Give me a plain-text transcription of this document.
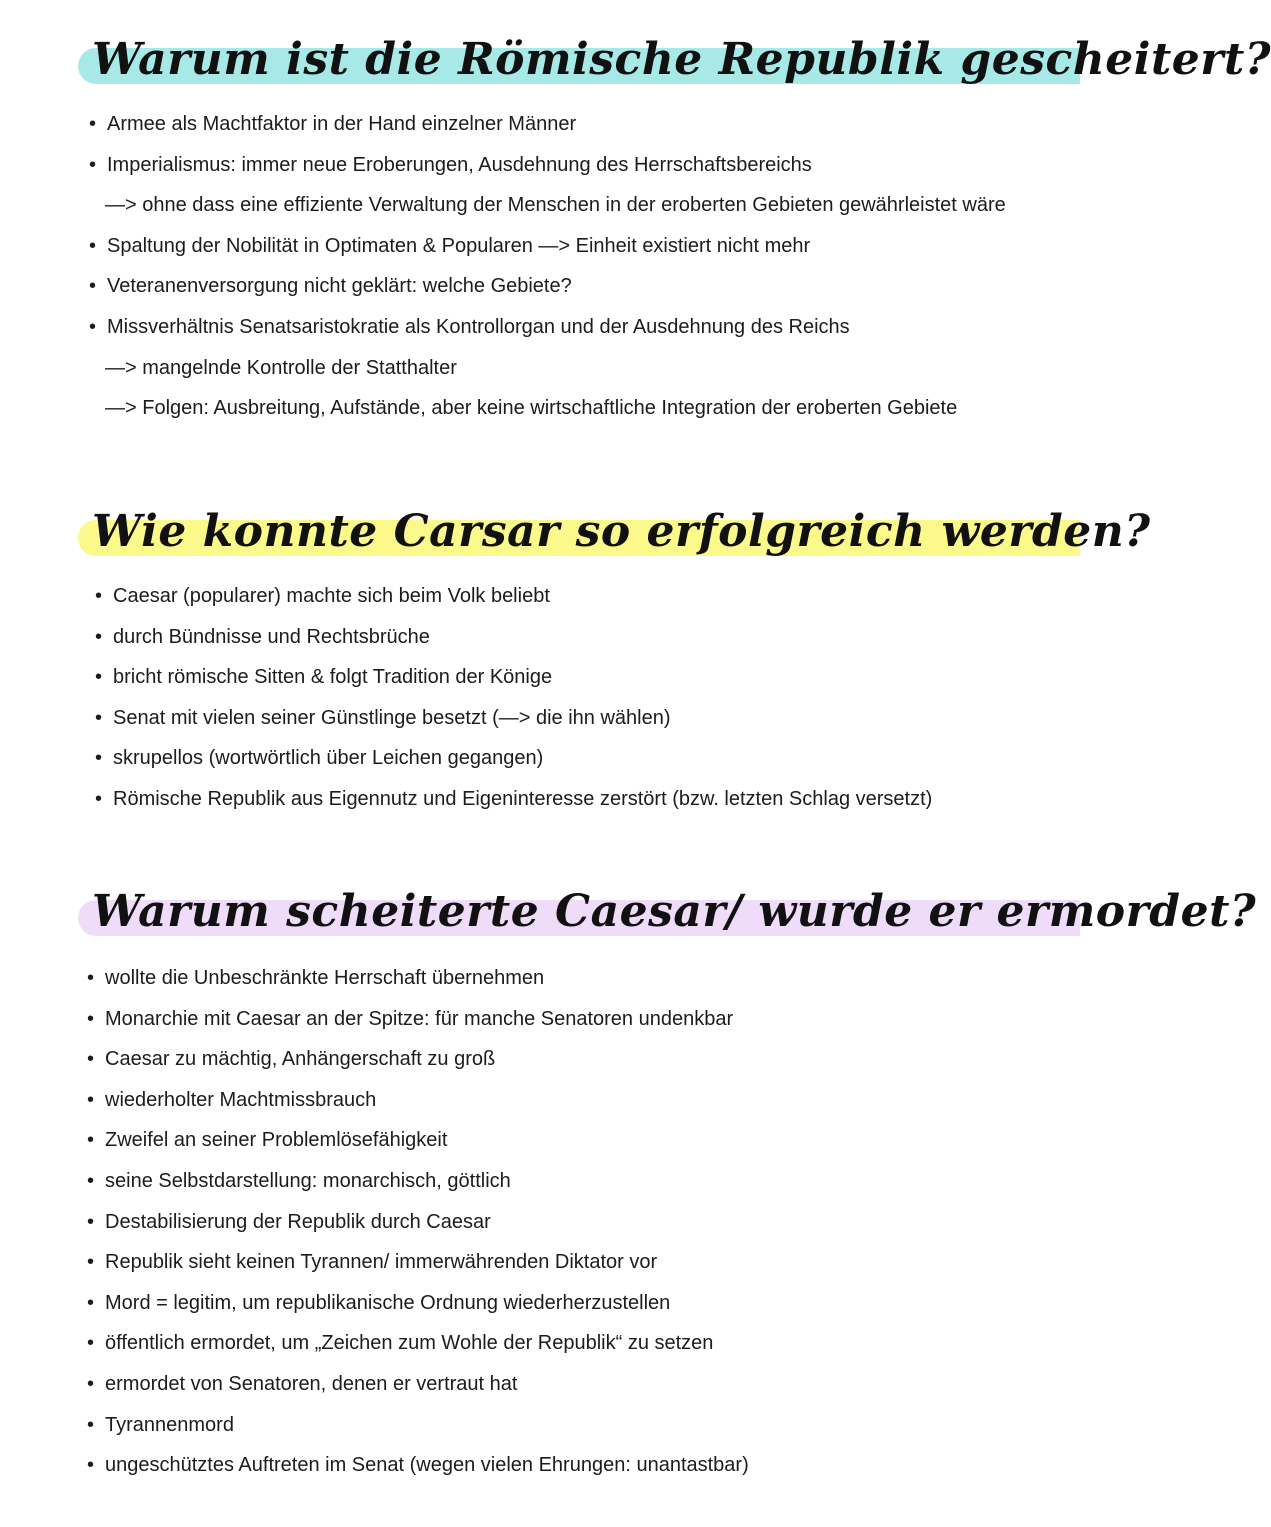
Warum ist die Römische Republik gescheitert?
• Armee als Machtfaktor in der Hand einzelner Männer
• Imperialismus: immer neue Eroberungen, Ausdehnung des Herrschaftsbereichs
—> ohne dass eine effiziente Verwaltung der Menschen in der eroberten Gebieten gewährleistet wäre
• Spaltung der Nobilität in Optimaten & Popularen —> Einheit existiert nicht mehr
• Veteranenversorgung nicht geklärt: welche Gebiete?
• Missverhältnis Senatsaristokratie als Kontrollorgan und der Ausdehnung des Reichs
—> mangelnde Kontrolle der Statthalter
—> Folgen: Ausbreitung, Aufstände, aber keine wirtschaftliche Integration der eroberten Gebiete
Wie konnte Carsar so erfolgreich werden?
• Caesar (popularer) machte sich beim Volk beliebt
• durch Bündnisse und Rechtsbrüche
• bricht römische Sitten & folgt Tradition der Könige
• Senat mit vielen seiner Günstlinge besetzt (—> die ihn wählen)
• skrupellos (wortwörtlich über Leichen gegangen)
• Römische Republik aus Eigennutz und Eigeninteresse zerstört (bzw. letzten Schlag versetzt)
Warum scheiterte Caesar/ wurde er ermordet?
• wollte die Unbeschränkte Herrschaft übernehmen
• Monarchie mit Caesar an der Spitze: für manche Senatoren undenkbar
• Caesar zu mächtig, Anhängerschaft zu groß
• wiederholter Machtmissbrauch
• Zweifel an seiner Problemlösefähigkeit
• seine Selbstdarstellung: monarchisch, göttlich
• Destabilisierung der Republik durch Caesar
• Republik sieht keinen Tyrannen/ immerwährenden Diktator vor
• Mord = legitim, um republikanische Ordnung wiederherzustellen
• öffentlich ermordet, um „Zeichen zum Wohle der Republik“ zu setzen
• ermordet von Senatoren, denen er vertraut hat
• Tyrannenmord
• ungeschütztes Auftreten im Senat (wegen vielen Ehrungen: unantastbar)
